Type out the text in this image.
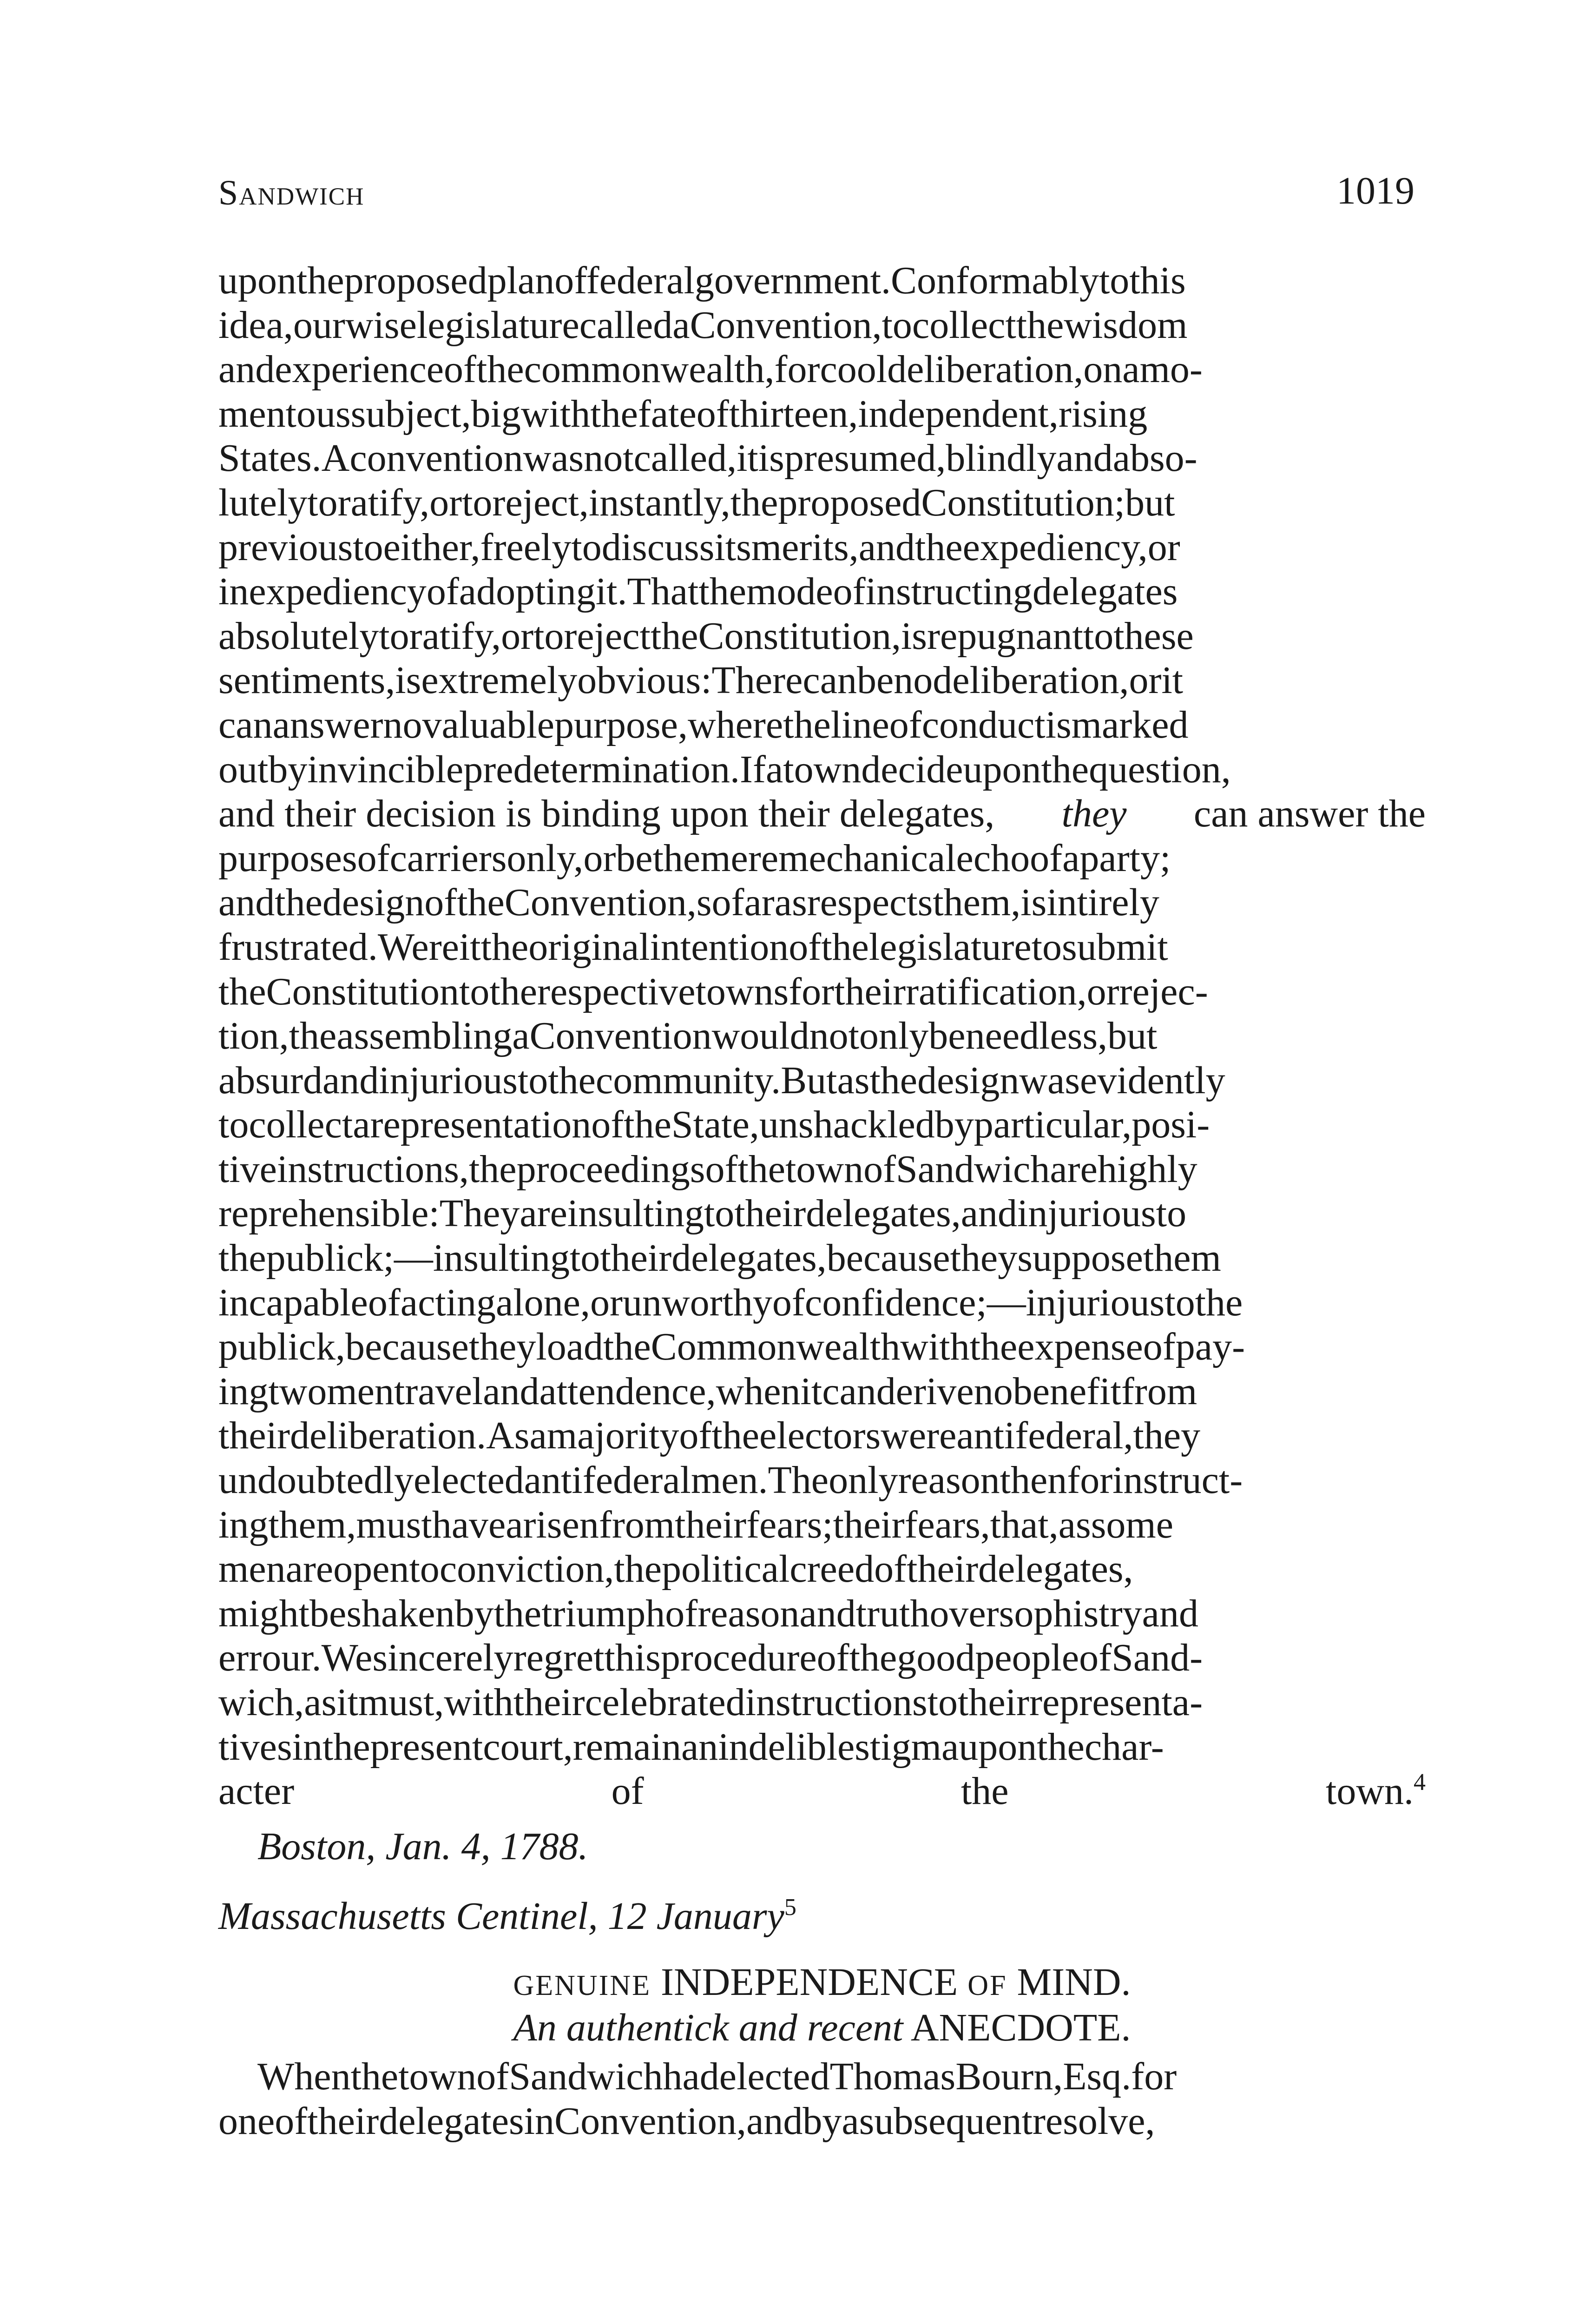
Sandwich	1019
upontheproposedplanoffederalgovernment.Conformablytothis
idea,ourwiselegislaturecalledaConvention,tocollectthewisdom
andexperienceofthecommonwealth,forcooldeliberation,onamo-
mentoussubject,bigwiththefateofthirteen,independent,rising
States.Aconventionwasnotcalled,itispresumed,blindlyandabso-
lutelytoratify,ortoreject,instantly,theproposedConstitution;but
previoustoeither,freelytodiscussitsmerits,andtheexpediency,or
inexpediencyofadoptingit.Thatthemodeofinstructingdelegates
absolutelytoratify,ortorejecttheConstitution,isrepugnanttothese
sentiments,isextremelyobvious:Therecanbenodeliberation,orit
cananswernovaluablepurpose,wherethelineofconductismarked
outbyinvinciblepredetermination.Ifatowndecideuponthequestion,
and their decision is binding upon their delegates, they can answer the
purposesofcarriersonly,orbethemeremechanicalechoofaparty;
andthedesignoftheConvention,sofarasrespectsthem,isintirely
frustrated.Wereittheoriginalintentionofthelegislaturetosubmit
theConstitutiontotherespectivetownsfortheirratification,orrejec-
tion,theassemblingaConventionwouldnotonlybeneedless,but
absurdandinjurioustothecommunity.Butasthedesignwasevidently
tocollectarepresentationoftheState,unshackledbyparticular,posi-
tiveinstructions,theproceedingsofthetownofSandwicharehighly
reprehensible:Theyareinsultingtotheirdelegates,andinjuriousto
thepublick;—insultingtotheirdelegates,becausetheysupposethem
incapableofactingalone,orunworthyofconfidence;—injurioustothe
publick,becausetheyloadtheCommonwealthwiththeexpenseofpay-
ingtwomentravelandattendence,whenitcanderivenobenefitfrom
theirdeliberation.Asamajorityoftheelectorswereantifederal,they
undoubtedlyelectedantifederalmen.Theonlyreasonthenforinstruct-
ingthem,musthavearisenfromtheirfears;theirfears,that,assome
menareopentoconviction,thepoliticalcreedoftheirdelegates,
mightbeshakenbythetriumphofreasonandtruthoversophistryand
errour.WesincerelyregretthisprocedureofthegoodpeopleofSand-
wich,asitmust,withtheircelebratedinstructionstotheirrepresenta-
tivesinthepresentcourt,remainanindeliblestigmauponthechar-
acter of the town.$^4$
Boston, Jan. 4, 1788.
Massachusetts Centinel, 12 January$^5$
GENUINE INDEPENDENCE OF MIND.
An authentick and recent ANECDOTE.
WhenthetownofSandwichhadelectedThomasBourn,Esq.for
oneoftheirdelegatesinConvention,andbyasubsequentresolve,
